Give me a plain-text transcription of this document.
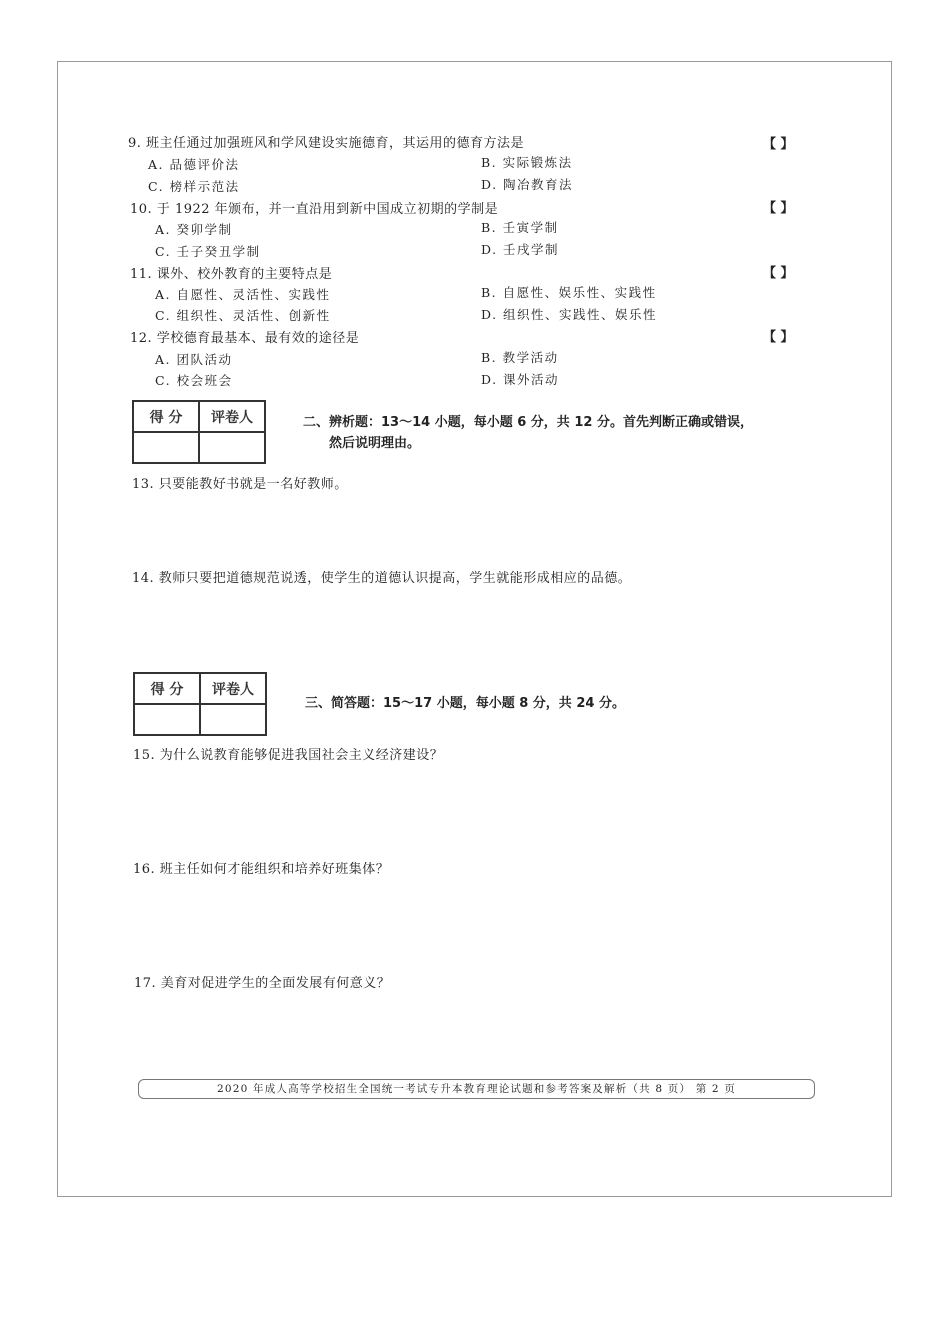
9. 班主任通过加强班风和学风建设实施德育，其运用的德育方法是	【 】
A. 品德评价法	B. 实际锻炼法
C. 榜样示范法	D. 陶冶教育法
10. 于 1922 年颁布，并一直沿用到新中国成立初期的学制是	【 】
A. 癸卯学制	B. 壬寅学制
C. 壬子癸丑学制	D. 壬戌学制
11. 课外、校外教育的主要特点是	【 】
A. 自愿性、灵活性、实践性	B. 自愿性、娱乐性、实践性
C. 组织性、灵活性、创新性	D. 组织性、实践性、娱乐性
12. 学校德育最基本、最有效的途径是	【 】
A. 团队活动	B. 教学活动
C. 校会班会	D. 课外活动
得 分	评卷人
		二、辨析题：13～14 小题，每小题 6 分，共 12 分。首先判断正确或错误，
然后说明理由。
13. 只要能教好书就是一名好教师。
14. 教师只要把道德规范说透，使学生的道德认识提高，学生就能形成相应的品德。
得 分	评卷人

三、简答题：15～17 小题，每小题 8 分，共 24 分。
15. 为什么说教育能够促进我国社会主义经济建设？
16. 班主任如何才能组织和培养好班集体？
17. 美育对促进学生的全面发展有何意义？
2020 年成人高等学校招生全国统一考试专升本教育理论试题和参考答案及解析（共 8 页） 第 2 页
